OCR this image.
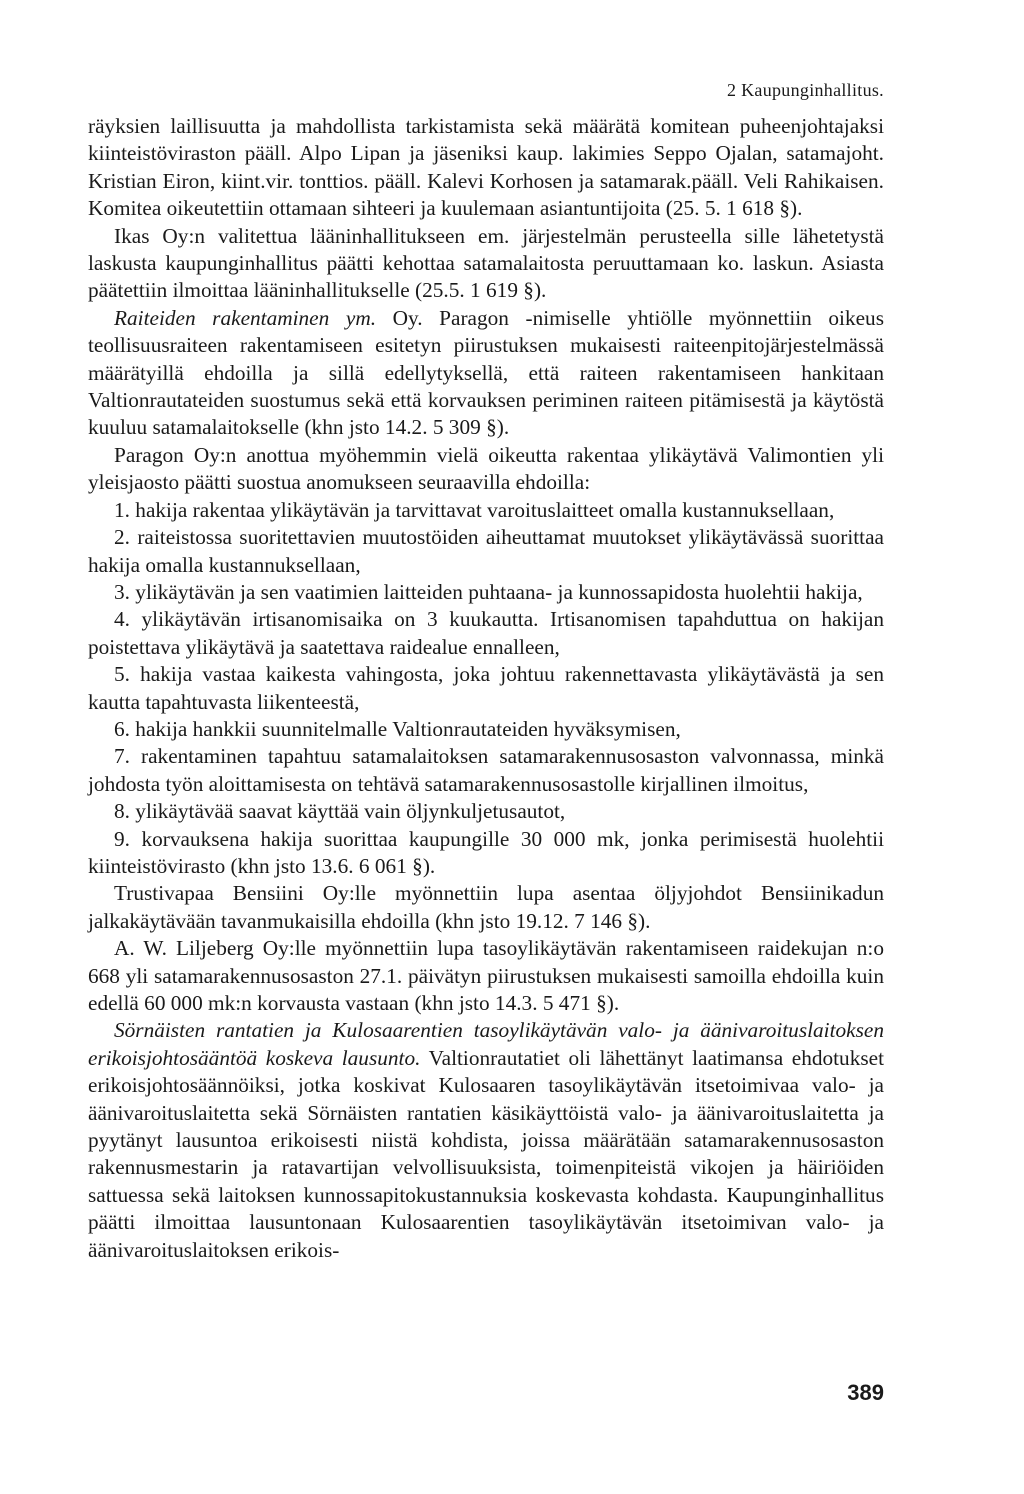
2 Kaupunginhallitus.

räyksien laillisuutta ja mahdollista tarkistamista sekä määrätä komitean puheenjohtajaksi kiinteistöviraston pääll. Alpo Lipan ja jäseniksi kaup. lakimies Seppo Ojalan, satamajoht. Kristian Eiron, kiint.vir. tonttios. pääll. Kalevi Korhosen ja satamarak.pääll. Veli Rahikaisen. Komitea oikeutettiin ottamaan sihteeri ja kuulemaan asiantuntijoita (25. 5. 1 618 §).

Ikas Oy:n valitettua lääninhallitukseen em. järjestelmän perusteella sille lähetetystä laskusta kaupunginhallitus päätti kehottaa satamalaitosta peruuttamaan ko. laskun. Asiasta päätettiin ilmoittaa lääninhallitukselle (25.5. 1 619 §).

Raiteiden rakentaminen ym. Oy. Paragon -nimiselle yhtiölle myönnettiin oikeus teollisuusraiteen rakentamiseen esitetyn piirustuksen mukaisesti raiteenpitojärjestelmässä määrätyillä ehdoilla ja sillä edellytyksellä, että raiteen rakentamiseen hankitaan Valtionrautateiden suostumus sekä että korvauksen periminen raiteen pitämisestä ja käytöstä kuuluu satamalaitokselle (khn jsto 14.2. 5 309 §).

Paragon Oy:n anottua myöhemmin vielä oikeutta rakentaa ylikäytävä Valimontien yli yleisjaosto päätti suostua anomukseen seuraavilla ehdoilla:

1. hakija rakentaa ylikäytävän ja tarvittavat varoituslaitteet omalla kustannuksellaan,

2. raiteistossa suoritettavien muutostöiden aiheuttamat muutokset ylikäytävässä suorittaa hakija omalla kustannuksellaan,

3. ylikäytävän ja sen vaatimien laitteiden puhtaana- ja kunnossapidosta huolehtii hakija,

4. ylikäytävän irtisanomisaika on 3 kuukautta. Irtisanomisen tapahduttua on hakijan poistettava ylikäytävä ja saatettava raidealue ennalleen,

5. hakija vastaa kaikesta vahingosta, joka johtuu rakennettavasta ylikäytävästä ja sen kautta tapahtuvasta liikenteestä,

6. hakija hankkii suunnitelmalle Valtionrautateiden hyväksymisen,

7. rakentaminen tapahtuu satamalaitoksen satamarakennusosaston valvonnassa, minkä johdosta työn aloittamisesta on tehtävä satamarakennusosastolle kirjallinen ilmoitus,

8. ylikäytävää saavat käyttää vain öljynkuljetusautot,

9. korvauksena hakija suorittaa kaupungille 30 000 mk, jonka perimisestä huolehtii kiinteistövirasto (khn jsto 13.6. 6 061 §).

Trustivapaa Bensiini Oy:lle myönnettiin lupa asentaa öljyjohdot Bensiinikadun jalkakäytävään tavanmukaisilla ehdoilla (khn jsto 19.12. 7 146 §).

A. W. Liljeberg Oy:lle myönnettiin lupa tasoylikäytävän rakentamiseen raidekujan n:o 668 yli satamarakennusosaston 27.1. päivätyn piirustuksen mukaisesti samoilla ehdoilla kuin edellä 60 000 mk:n korvausta vastaan (khn jsto 14.3. 5 471 §).

Sörnäisten rantatien ja Kulosaarentien tasoylikäytävän valo- ja äänivaroituslaitoksen erikoisjohtosääntöä koskeva lausunto. Valtionrautatiet oli lähettänyt laatimansa ehdotukset erikoisjohtosäännöiksi, jotka koskivat Kulosaaren tasoylikäytävän itsetoimivaa valo- ja äänivaroituslaitetta sekä Sörnäisten rantatien käsikäyttöistä valo- ja äänivaroituslaitetta ja pyytänyt lausuntoa erikoisesti niistä kohdista, joissa määrätään satamarakennusosaston rakennusmestarin ja ratavartijan velvollisuuksista, toimenpiteistä vikojen ja häiriöiden sattuessa sekä laitoksen kunnossapitokustannuksia koskevasta kohdasta. Kaupunginhallitus päätti ilmoittaa lausuntonaan Kulosaarentien tasoylikäytävän itsetoimivan valo- ja äänivaroituslaitoksen erikois-

389
